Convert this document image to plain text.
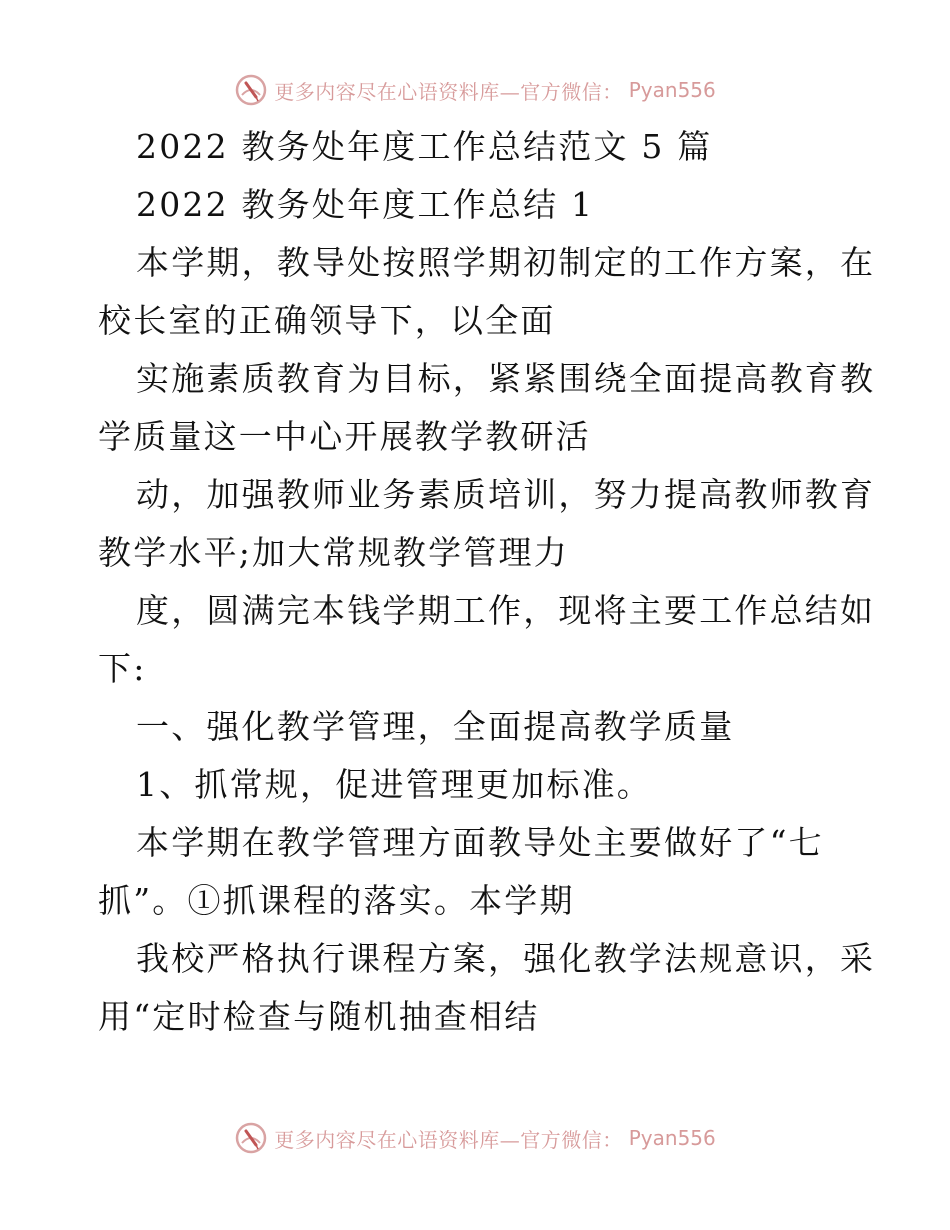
更多内容尽在心语资料库—官方微信： Pyan556
2022 教务处年度工作总结范文 5 篇
2022 教务处年度工作总结 1
本学期，教导处按照学期初制定的工作方案，在
校长室的正确领导下，以全面
实施素质教育为目标，紧紧围绕全面提高教育教
学质量这一中心开展教学教研活
动，加强教师业务素质培训，努力提高教师教育
教学水平;加大常规教学管理力
度，圆满完本钱学期工作，现将主要工作总结如
下:
一、强化教学管理，全面提高教学质量
1、抓常规，促进管理更加标准。
本学期在教学管理方面教导处主要做好了“七
抓”。①抓课程的落实。本学期
我校严格执行课程方案，强化教学法规意识，采
用“定时检查与随机抽查相结
更多内容尽在心语资料库—官方微信： Pyan556
